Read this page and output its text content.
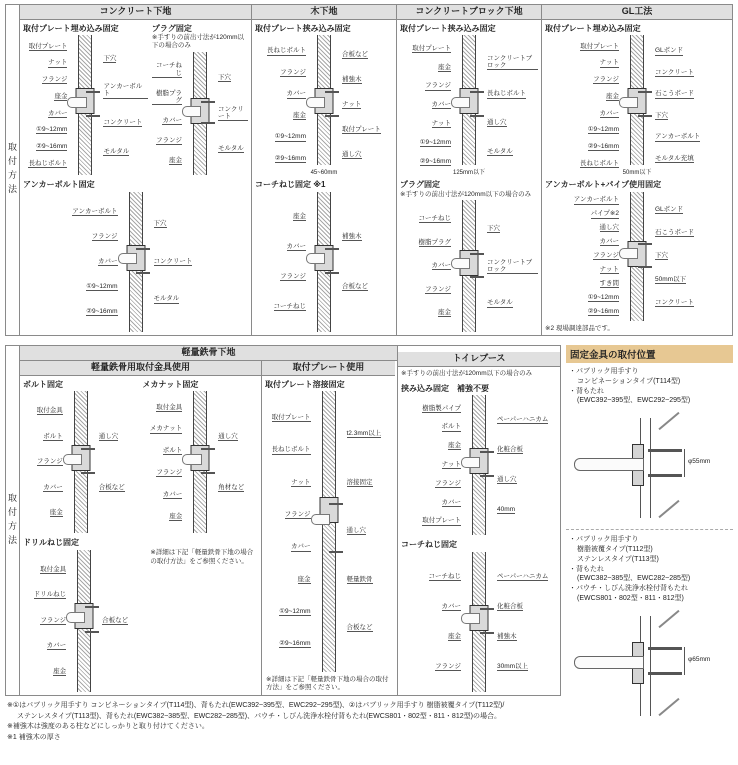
取付方法
コンクリート下地
取付プレート埋め込み固定
取付プレート
ナット
フランジ
座金
カバー
①9~12mm
②9~16mm
長ねじボルト
下穴
アンカーボルト
コンクリート
モルタル
プラグ固定
※手すりの前出寸法が120mm以下の場合のみ
コーチねじ
樹脂プラグ
カバー
フランジ
座金
下穴
コンクリート
モルタル
アンカーボルト固定
アンカーボルト
フランジ
カバー
①9~12mm
②9~16mm
下穴
コンクリート
モルタル
木下地
取付プレート挟み込み固定
長ねじボルト
フランジ
カバー
座金
①9~12mm
②9~16mm
45~60mm
合板など
補強木
ナット
取付プレート
通し穴
コーチねじ固定 ※1
座金
カバー
フランジ
コーチねじ
補強木
合板など
コンクリートブロック下地
取付プレート挟み込み固定
取付プレート
座金
フランジ
カバー
ナット
①9~12mm
②9~16mm
125mm以下
コンクリートブロック
長ねじボルト
通し穴
モルタル
プラグ固定
※手すりの前出寸法が120mm以下の場合のみ
コーチねじ
樹脂プラグ
カバー
フランジ
座金
下穴
コンクリートブロック
モルタル
GL工法
取付プレート埋め込み固定
取付プレート
ナット
フランジ
座金
カバー
①9~12mm
②9~16mm
長ねじボルト
50mm以下
GLボンド
コンクリート
石こうボード
下穴
アンカーボルト
モルタル充填
アンカーボルト+パイプ使用固定
アンカーボルト
パイプ※2
通し穴
カバー
フランジ
ナット
すき間
①9~12mm
②9~16mm
GLボンド
石こうボード
下穴
50mm以下
コンクリート
※2 現場調達部品です。
取付方法
軽量鉄骨下地
軽量鉄骨用取付金具使用
ボルト固定
取付金具
ボルト
フランジ
カバー
座金
通し穴
合板など
メカナット固定
取付金具
メカナット
ボルト
フランジ
カバー
座金
通し穴
角材など
ドリルねじ固定
取付金具
ドリルねじ
フランジ
カバー
座金
合板など
※詳細は下記「軽量鉄骨下地の場合の取付方法」をご参照ください。
取付プレート使用
取付プレート溶接固定
取付プレート
長ねじボルト
ナット
フランジ
カバー
座金
①9~12mm
②9~16mm
t2.3mm以上
溶接固定
通し穴
軽量鉄骨
合板など
※詳細は下記「軽量鉄骨下地の場合の取付方法」をご参照ください。
トイレブース
※手すりの前出寸法が120mm以下の場合のみ
挟み込み固定　補強不要
樹脂製パイプ
ボルト
座金
ナット
フランジ
カバー
取付プレート
ペーパーハニカム
化粧合板
通し穴
40mm
コーチねじ固定
コーチねじ
カバー
座金
フランジ
ペーパーハニカム
化粧合板
補強木
30mm以上
固定金具の取付位置
・パブリック用手すり
コンビネーションタイプ(T114型)
・背もたれ
(EWC392~395型、EWC292~295型)
φ55mm
・パブリック用手すり
樹脂被覆タイプ(T112型)
ステンレスタイプ(T113型)
・背もたれ
(EWC382~385型、EWC282~285型)
・パウチ・しびん洗浄水栓付背もたれ
(EWCS801・802型・811・812型)
φ65mm
※①はパブリック用手すり コンビネーションタイプ(T114型)、背もたれ(EWC392~395型、EWC292~295型)、②はパブリック用手すり 樹脂被覆タイプ(T112型)/
ステンレスタイプ(T113型)、背もたれ(EWC382~385型、EWC282~285型)、パウチ・しびん洗浄水栓付背もたれ(EWCS801・802型・811・812型)の場合。
※補強木は強度のある柱などにしっかりと取り付けてください。
※1 補強木の厚さ
